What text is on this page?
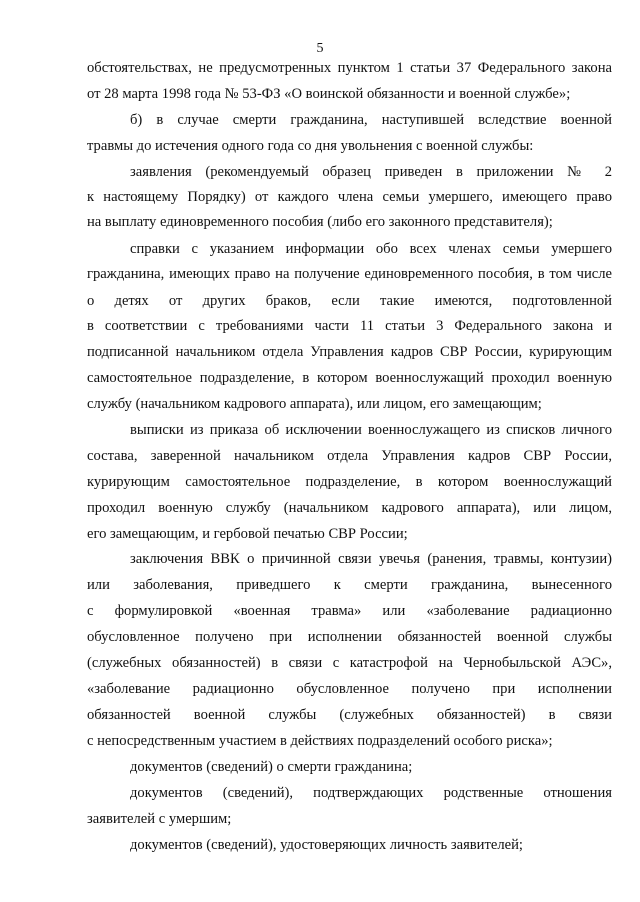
5
обстоятельствах, не предусмотренных пунктом 1 статьи 37 Федерального закона
от 28 марта 1998 года № 53-ФЗ «О воинской обязанности и военной службе»;
б) в случае смерти гражданина, наступившей вследствие военной
травмы до истечения одного года со дня увольнения с военной службы:
заявления (рекомендуемый образец приведен в приложении № 2
к настоящему Порядку) от каждого члена семьи умершего, имеющего право
на выплату единовременного пособия (либо его законного представителя);
справки с указанием информации обо всех членах семьи умершего
гражданина, имеющих право на получение единовременного пособия, в том числе
о детях от других браков, если такие имеются, подготовленной
в соответствии с требованиями части 11 статьи 3 Федерального закона и
подписанной начальником отдела Управления кадров СВР России, курирующим
самостоятельное подразделение, в котором военнослужащий проходил военную
службу (начальником кадрового аппарата), или лицом, его замещающим;
выписки из приказа об исключении военнослужащего из списков личного
состава, заверенной начальником отдела Управления кадров СВР России,
курирующим самостоятельное подразделение, в котором военнослужащий
проходил военную службу (начальником кадрового аппарата), или лицом,
его замещающим, и гербовой печатью СВР России;
заключения ВВК о причинной связи увечья (ранения, травмы, контузии)
или заболевания, приведшего к смерти гражданина, вынесенного
с формулировкой «военная травма» или «заболевание радиационно
обусловленное получено при исполнении обязанностей военной службы
(служебных обязанностей) в связи с катастрофой на Чернобыльской АЭС»,
«заболевание радиационно обусловленное получено при исполнении
обязанностей военной службы (служебных обязанностей) в связи
с непосредственным участием в действиях подразделений особого риска»;
документов (сведений) о смерти гражданина;
документов (сведений), подтверждающих родственные отношения
заявителей с умершим;
документов (сведений), удостоверяющих личность заявителей;
